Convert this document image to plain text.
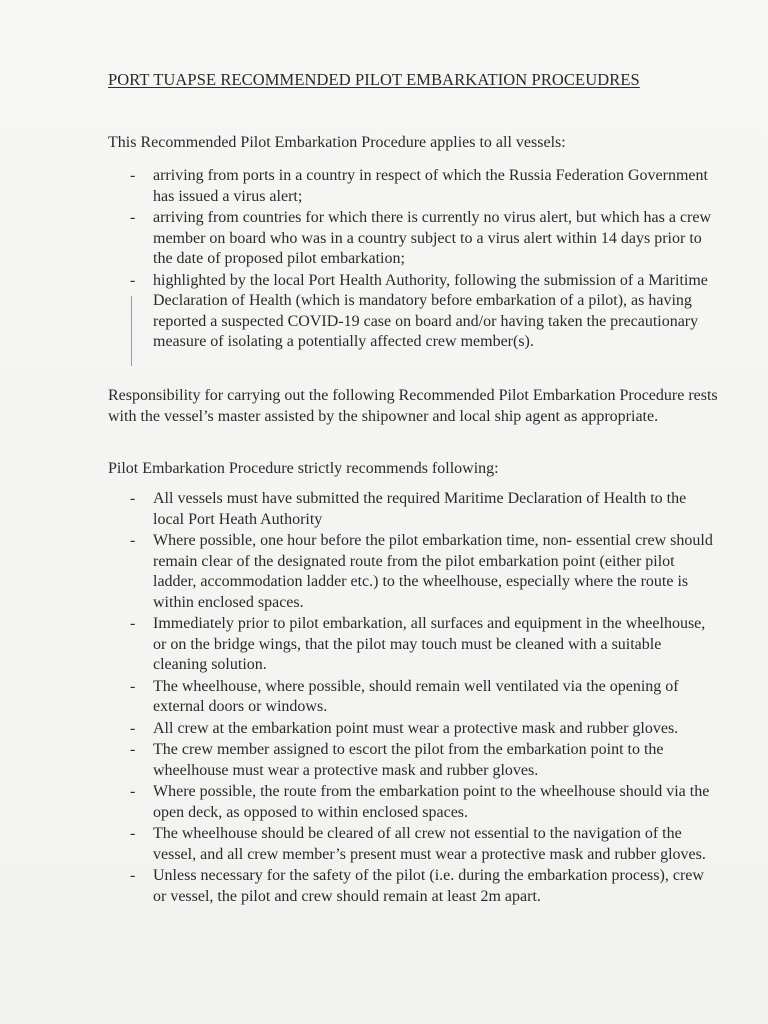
PORT TUAPSE RECOMMENDED PILOT EMBARKATION PROCEUDRES
This Recommended Pilot Embarkation Procedure applies to all vessels:
- arriving from ports in a country in respect of which the Russia Federation Government has issued a virus alert;
- arriving from countries for which there is currently no virus alert, but which has a crew member on board who was in a country subject to a virus alert within 14 days prior to the date of proposed pilot embarkation;
- highlighted by the local Port Health Authority, following the submission of a Maritime Declaration of Health (which is mandatory before embarkation of a pilot), as having reported a suspected COVID-19 case on board and/or having taken the precautionary measure of isolating a potentially affected crew member(s).
Responsibility for carrying out the following Recommended Pilot Embarkation Procedure rests with the vessel’s master assisted by the shipowner and local ship agent as appropriate.
Pilot Embarkation Procedure strictly recommends following:
- All vessels must have submitted the required Maritime Declaration of Health to the local Port Heath Authority
- Where possible, one hour before the pilot embarkation time, non- essential crew should remain clear of the designated route from the pilot embarkation point (either pilot ladder, accommodation ladder etc.) to the wheelhouse, especially where the route is within enclosed spaces.
- Immediately prior to pilot embarkation, all surfaces and equipment in the wheelhouse, or on the bridge wings, that the pilot may touch must be cleaned with a suitable cleaning solution.
- The wheelhouse, where possible, should remain well ventilated via the opening of external doors or windows.
- All crew at the embarkation point must wear a protective mask and rubber gloves.
- The crew member assigned to escort the pilot from the embarkation point to the wheelhouse must wear a protective mask and rubber gloves.
- Where possible, the route from the embarkation point to the wheelhouse should via the open deck, as opposed to within enclosed spaces.
- The wheelhouse should be cleared of all crew not essential to the navigation of the vessel, and all crew member’s present must wear a protective mask and rubber gloves.
- Unless necessary for the safety of the pilot (i.e. during the embarkation process), crew or vessel, the pilot and crew should remain at least 2m apart.
